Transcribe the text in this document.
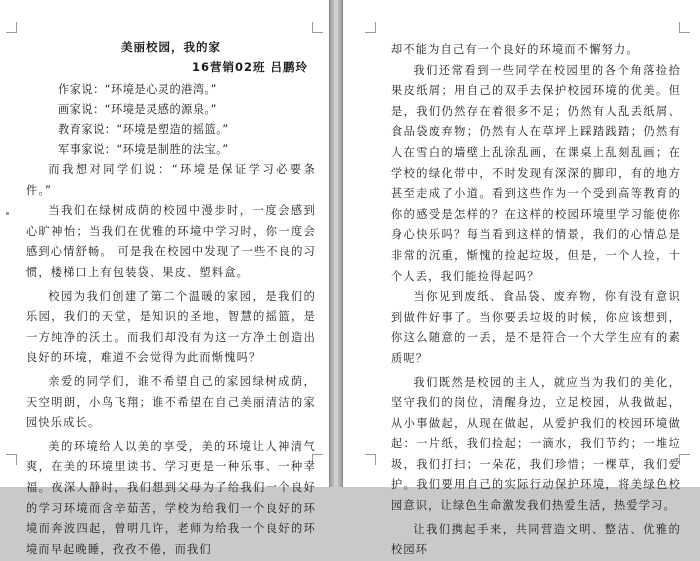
美丽校园，我的家

16营销02班 吕鹏玲

作家说：“环境是心灵的港湾。”

画家说：“环境是灵感的源泉。”

教育家说：“环境是塑造的摇篮。”

军事家说：“环境是制胜的法宝。”

而我想对同学们说：“环境是保证学习必要条件。”

当我们在绿树成荫的校园中漫步时，一度会感到心旷神怡；当我们在优雅的环境中学习时，你一度会感到心情舒畅。 可是我在校园中发现了一些不良的习惯，楼梯口上有包装袋、果皮、塑料盒。

校园为我们创建了第二个温暖的家园，是我们的乐园，我们的天堂，是知识的圣地，智慧的摇篮，是一方纯净的沃土。而我们却没有为这一方净土创造出良好的环境，难道不会觉得为此而惭愧吗？

亲爱的同学们，谁不希望自己的家园绿树成荫，天空明朗，小鸟飞翔；谁不希望在自己美丽清洁的家园快乐成长。

美的环境给人以美的享受，美的环境让人神清气爽，在美的环境里读书、学习更是一种乐事、一种幸福。夜深人静时，我们想到父母为了给我们一个良好的学习环境而含辛茹苦，学校为给我们一个良好的环境而奔波四起，曾明几许，老师为给我一个良好的环境而早起晚睡，孜孜不倦，而我们

却不能为自己有一个良好的环境而不懈努力。

我们还常看到一些同学在校园里的各个角落捡拾果皮纸屑；用自己的双手去保护校园环境的优美。但是，我们仍然存在着很多不足；仍然有人乱丢纸屑、食品袋废弃物；仍然有人在草坪上踩踏践踏；仍然有人在雪白的墙壁上乱涂乱画，在课桌上乱刻乱画；在学校的绿化带中，不时发现有深深的脚印，有的地方甚至走成了小道。看到这些作为一个受到高等教育的你的感受是怎样的？在这样的校园环境里学习能使你身心快乐吗？每当看到这样的情景，我们的心情总是非常的沉重，惭愧的捡起垃圾，但是，一个人捡，十个人丢，我们能捡得起吗？

当你见到废纸、食品袋、废弃物，你有没有意识到做件好事了。当你要丢垃圾的时候，你应该想到，你这么随意的一丢，是不是符合一个大学生应有的素质呢？

我们既然是校园的主人，就应当为我们的美化，坚守我们的岗位，清醒身边，立足校园，从我做起，从小事做起，从现在做起，从爱护我们的校园环境做起：一片纸，我们捡起；一滴水，我们节约；一堆垃圾，我们打扫；一朵花，我们珍惜；一棵草，我们爱护。我们要用自己的实际行动保护环境，将美绿色校园意识，让绿色生命激发我们热爱生活，热爱学习。

让我们携起手来，共同营造文明、整洁、优雅的校园环
